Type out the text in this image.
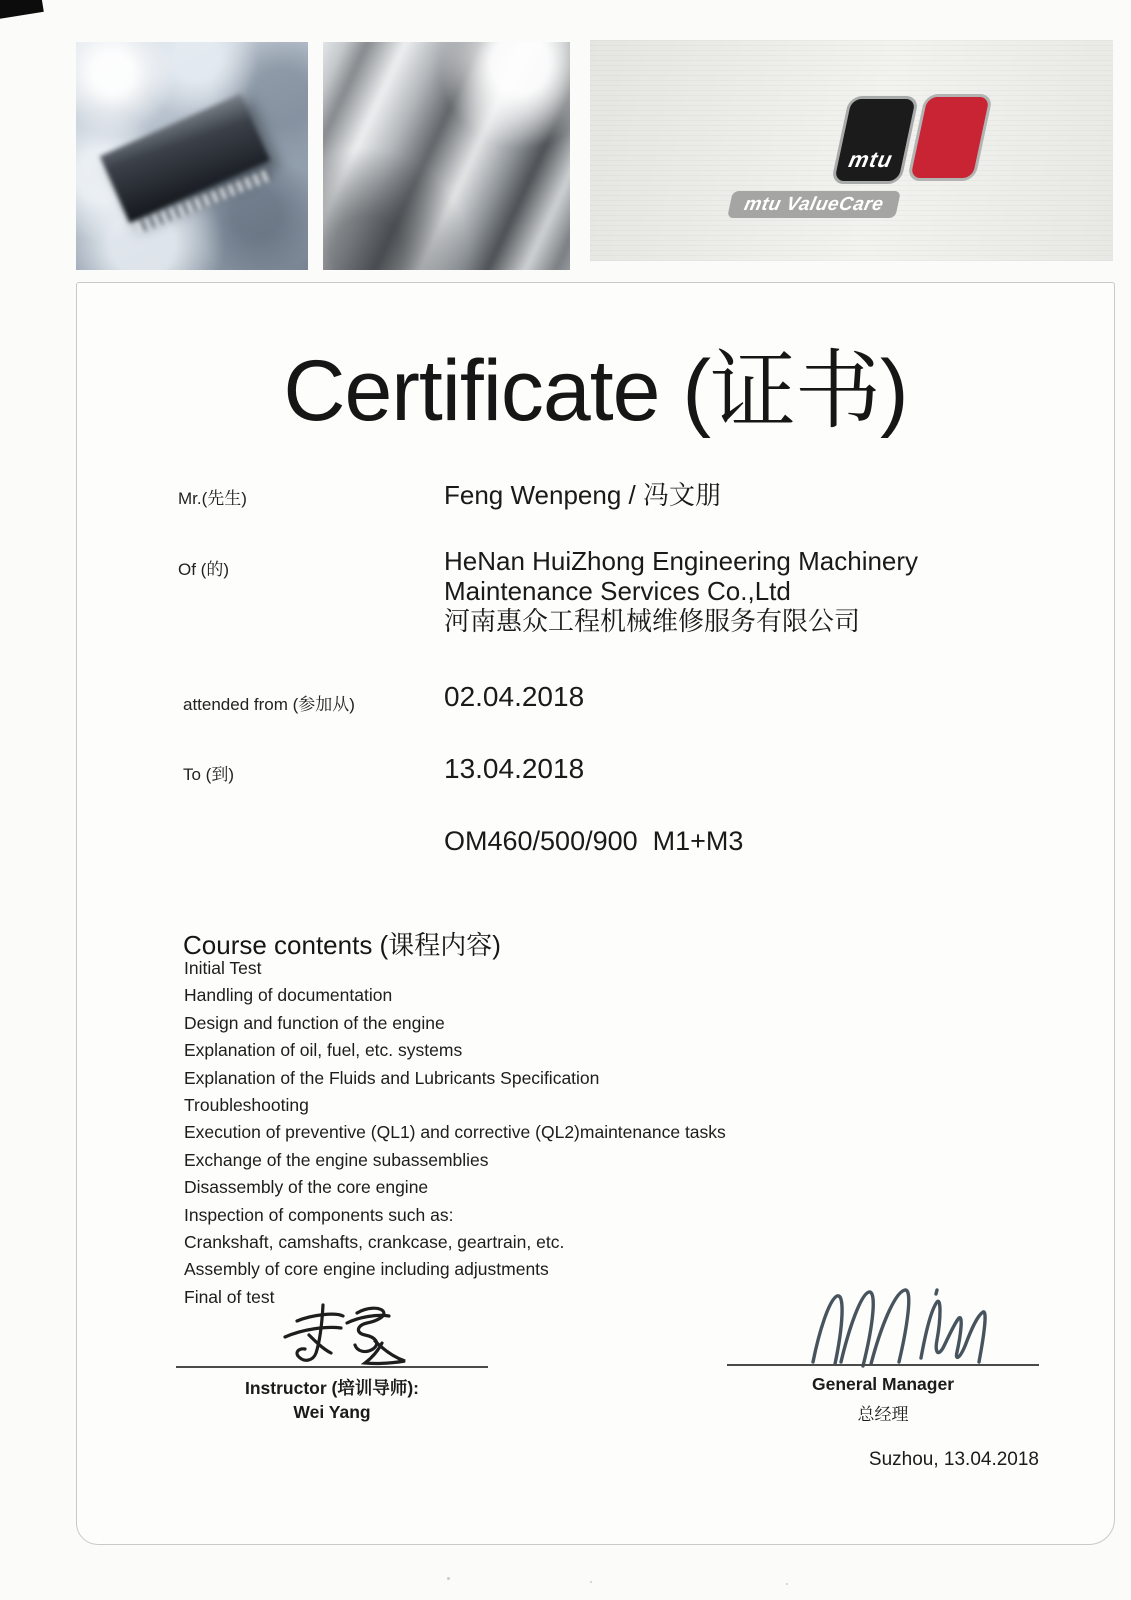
mtu
mtu ValueCare
Certificate (证书)
Mr.(先生)	Feng Wenpeng / 冯文朋
Of (的)	HeNan HuiZhong Engineering Machinery
Maintenance Services Co.,Ltd
河南惠众工程机械维修服务有限公司
attended from (参加从)	02.04.2018
To (到)	13.04.2018
OM460/500/900  M1+M3
Course contents (课程内容)
Initial Test
Handling of documentation
Design and function of the engine
Explanation of oil, fuel, etc. systems
Explanation of the Fluids and Lubricants Specification
Troubleshooting
Execution of preventive (QL1) and corrective (QL2)maintenance tasks
Exchange of the engine subassemblies
Disassembly of the core engine
Inspection of components such as:
Crankshaft, camshafts, crankcase, geartrain, etc.
Assembly of core engine including adjustments
Final of test
Instructor (培训导师):
Wei Yang
General Manager
总经理
Suzhou, 13.04.2018
